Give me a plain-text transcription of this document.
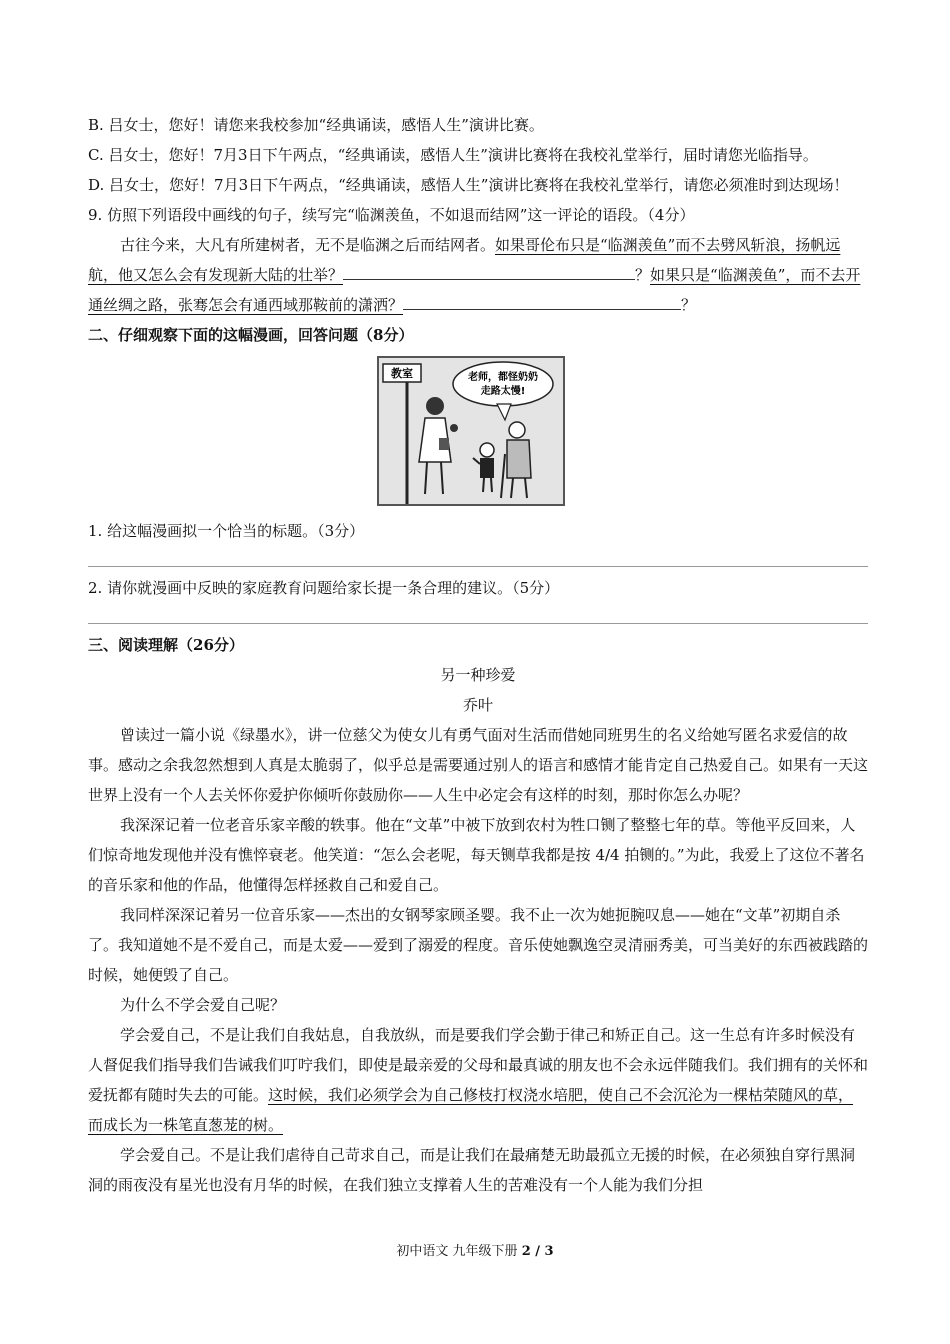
B. 吕女士，您好！请您来我校参加“经典诵读，感悟人生”演讲比赛。

C. 吕女士，您好！7月3日下午两点，“经典诵读，感悟人生”演讲比赛将在我校礼堂举行，届时请您光临指导。

D. 吕女士，您好！7月3日下午两点，“经典诵读，感悟人生”演讲比赛将在我校礼堂举行，请您必须准时到达现场！

9. 仿照下列语段中画线的句子，续写完“临渊羡鱼，不如退而结网”这一评论的语段。（4分）

古往今来，大凡有所建树者，无不是临渊之后而结网者。如果哥伦布只是“临渊羡鱼”而不去劈风斩浪，扬帆远航，他又怎么会有发现新大陆的壮举？	？如果只是“临渊羡鱼”，而不去开通丝绸之路，张骞怎会有通西域那鞍前的潇洒？	？

二、仔细观察下面的这幅漫画，回答问题（8分）

教室	老师，都怪奶奶
走路太慢!

1. 给这幅漫画拟一个恰当的标题。（3分）

2. 请你就漫画中反映的家庭教育问题给家长提一条合理的建议。（5分）

三、阅读理解（26分）

另一种珍爱

乔叶

曾读过一篇小说《绿墨水》，讲一位慈父为使女儿有勇气面对生活而借她同班男生的名义给她写匿名求爱信的故事。感动之余我忽然想到人真是太脆弱了，似乎总是需要通过别人的语言和感情才能肯定自己热爱自己。如果有一天这世界上没有一个人去关怀你爱护你倾听你鼓励你——人生中必定会有这样的时刻，那时你怎么办呢？

我深深记着一位老音乐家辛酸的轶事。他在“文革”中被下放到农村为牲口铡了整整七年的草。等他平反回来，人们惊奇地发现他并没有憔悴衰老。他笑道：“怎么会老呢，每天铡草我都是按 4/4 拍铡的。”为此，我爱上了这位不著名的音乐家和他的作品，他懂得怎样拯救自己和爱自己。

我同样深深记着另一位音乐家——杰出的女钢琴家顾圣婴。我不止一次为她扼腕叹息——她在“文革”初期自杀了。我知道她不是不爱自己，而是太爱——爱到了溺爱的程度。音乐使她飘逸空灵清丽秀美，可当美好的东西被践踏的时候，她便毁了自己。

为什么不学会爱自己呢？

学会爱自己，不是让我们自我姑息，自我放纵，而是要我们学会勤于律己和矫正自己。这一生总有许多时候没有人督促我们指导我们告诫我们叮咛我们，即使是最亲爱的父母和最真诚的朋友也不会永远伴随我们。我们拥有的关怀和爱抚都有随时失去的可能。这时候，我们必须学会为自己修枝打杈浇水培肥，使自己不会沉沦为一棵枯荣随风的草，而成长为一株笔直葱茏的树。

学会爱自己。不是让我们虐待自己苛求自己，而是让我们在最痛楚无助最孤立无援的时候，在必须独自穿行黑洞洞的雨夜没有星光也没有月华的时候，在我们独立支撑着人生的苦难没有一个人能为我们分担

初中语文 九年级下册 2 / 3
